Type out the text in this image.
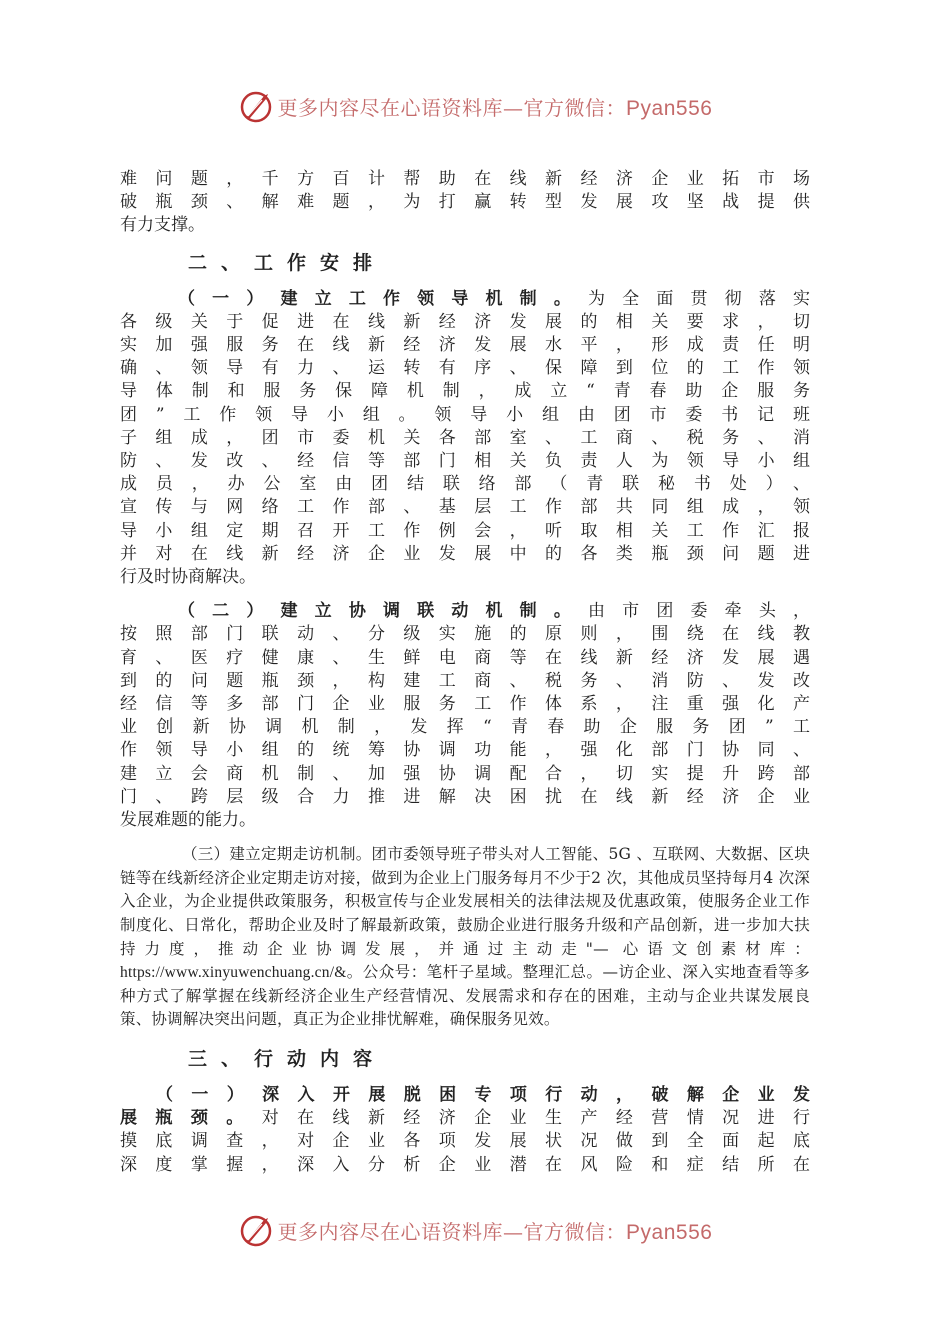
更多内容尽在心语资料库—官方微信：Pyan556

难问题，千方百计帮助在线新经济企业拓市场

破瓶颈、解难题，为打赢转型发展攻坚战提供

有力支撑。

二、工作安排

（一）建立工作领导机制。为全面贯彻落实

各级关于促进在线新经济发展的相关要求，切

实加强服务在线新经济发展水平，形成责任明

确、领导有力、运转有序、保障到位的工作领

导体制和服务保障机制，成立“青春助企服务

团”工作领导小组。领导小组由团市委书记班

子组成，团市委机关各部室、工商、税务、消

防、发改、经信等部门相关负责人为领导小组

成员，办公室由团结联络部（青联秘书处）、

宣传与网络工作部、基层工作部共同组成，领

导小组定期召开工作例会，听取相关工作汇报

并对在线新经济企业发展中的各类瓶颈问题进

行及时协商解决。

（二）建立协调联动机制。由市团委牵头，

按照部门联动、分级实施的原则，围绕在线教

育、医疗健康、生鲜电商等在线新经济发展遇

到的问题瓶颈，构建工商、税务、消防、发改

经信等多部门企业服务工作体系，注重强化产

业创新协调机制，发挥“青春助企服务团”工

作领导小组的统筹协调功能，强化部门协同、

建立会商机制、加强协调配合，切实提升跨部

门、跨层级合力推进解决困扰在线新经济企业

发展难题的能力。

（三）建立定期走访机制。团市委领导班子带头对人工智能、5G 、互联网、大数据、区块链等在线新经济企业定期走访对接，做到为企业上门服务每月不少于2 次，其他成员坚持每月4 次深入企业，为企业提供政策服务，积极宣传与企业发展相关的法律法规及优惠政策，使服务企业工作制度化、日常化，帮助企业及时了解最新政策，鼓励企业进行服务升级和产品创新，进一步加大扶持力度，推动企业协调发展，并通过主动走"— 心语文创素材库：https://www.xinyuwenchuang.cn/&。公众号：笔杆子星域。整理汇总。—访企业、深入实地查看等多种方式了解掌握在线新经济企业生产经营情况、发展需求和存在的困难，主动与企业共谋发展良策、协调解决突出问题，真正为企业排忧解难，确保服务见效。

三、行动内容

（一）深入开展脱困专项行动，破解企业发

展瓶颈。对在线新经济企业生产经营情况进行

摸底调查，对企业各项发展状况做到全面起底

深度掌握，深入分析企业潜在风险和症结所在

更多内容尽在心语资料库—官方微信：Pyan556
